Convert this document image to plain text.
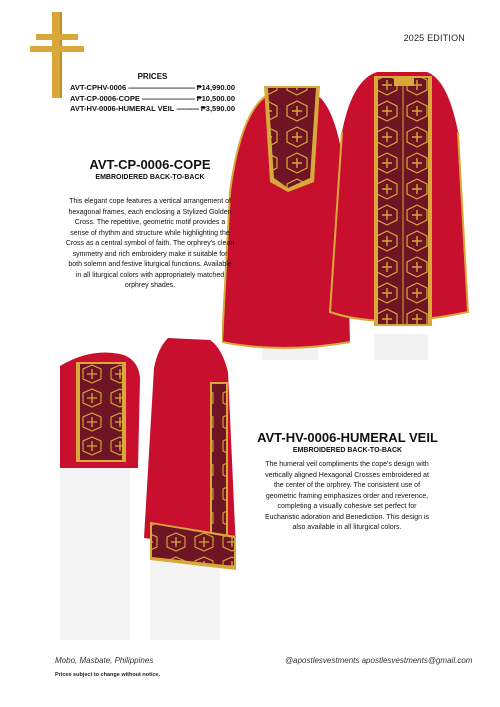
2025 EDITION
PRICES
AVT-CPHV-0006 -----	₱14,990.00
AVT-CP-0006-COPE -----	₱10,500.00
AVT-HV-0006-HUMERAL VEIL -----	₱3,590.00
AVT-CP-0006-COPE
EMBROIDERED BACK-TO-BACK
This elegant cope features a vertical arrangement of hexagonal frames, each enclosing a Stylized Golden Cross. The repetitive, geometric motif provides a sense of rhythm and structure while highlighting the Cross as a central symbol of faith. The orphrey's clean symmetry and rich embroidery make it suitable for both solemn and festive liturgical functions. Available in all liturgical colors with appropriately matched orphrey shades.
AVT-HV-0006-HUMERAL VEIL
EMBROIDERED BACK-TO-BACK
The humeral veil compliments the cope's design with vertically aligned Hexagonal Crosses embroidered at the center of the orphrey. The consistent use of geometric framing emphasizes order and reverence, completing a visually cohesive set perfect for Eucharistic adoration and Benediction. This design is also available in all liturgical colors.
Mobo, Masbate, Philippines	@apostlesvestments apostlesvestments@gmail.com
Prices subject to change without notice.
